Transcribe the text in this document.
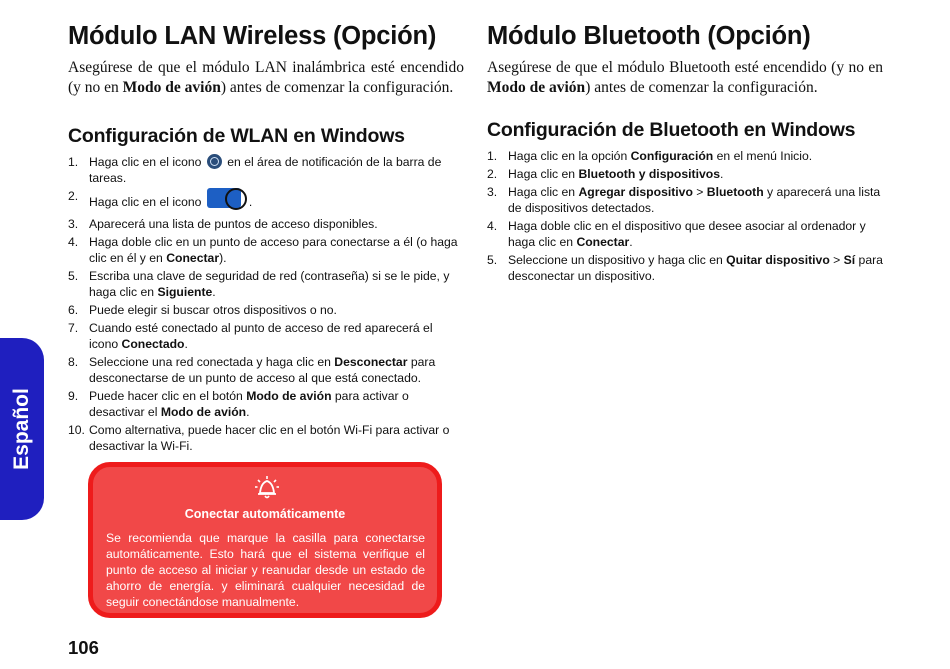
Módulo LAN Wireless (Opción)

Asegúrese de que el módulo LAN inalámbrica esté encendido (y no en Modo de avión) antes de comenzar la configuración.

Configuración de WLAN en Windows
1. Haga clic en el icono  en el área de notificación de la barra de tareas.
2. Haga clic en el icono	.
3. Aparecerá una lista de puntos de acceso disponibles.
4. Haga doble clic en un punto de acceso para conectarse a él (o haga clic en él y en Conectar).
5. Escriba una clave de seguridad de red (contraseña) si se le pide, y haga clic en Siguiente.
6. Puede elegir si buscar otros dispositivos o no.
7. Cuando esté conectado al punto de acceso de red aparecerá el icono Conectado.
8. Seleccione una red conectada y haga clic en Desconectar para desconectarse de un punto de acceso al que está conectado.
9. Puede hacer clic en el botón Modo de avión para activar o desactivar el Modo de avión.
10. Como alternativa, puede hacer clic en el botón Wi-Fi para activar o desactivar la Wi-Fi.
Módulo Bluetooth (Opción)

Asegúrese de que el módulo Bluetooth esté encendido (y no en Modo de avión) antes de comenzar la configuración.

Configuración de Bluetooth en Windows
1. Haga clic en la opción Configuración en el menú Inicio.
2. Haga clic en Bluetooth y dispositivos.
3. Haga clic en Agregar dispositivo > Bluetooth y aparecerá una lista de dispositivos detectados.
4. Haga doble clic en el dispositivo que desee asociar al ordenador y haga clic en Conectar.
5. Seleccione un dispositivo y haga clic en Quitar dispositivo > Sí para desconectar un dispositivo.
Conectar automáticamente
Se recomienda que marque la casilla para conectarse automáticamente. Esto hará que el sistema verifique el punto de acceso al iniciar y reanudar desde un estado de ahorro de energía. y eliminará cualquier necesidad de seguir conectándose manualmente.
Español
106
